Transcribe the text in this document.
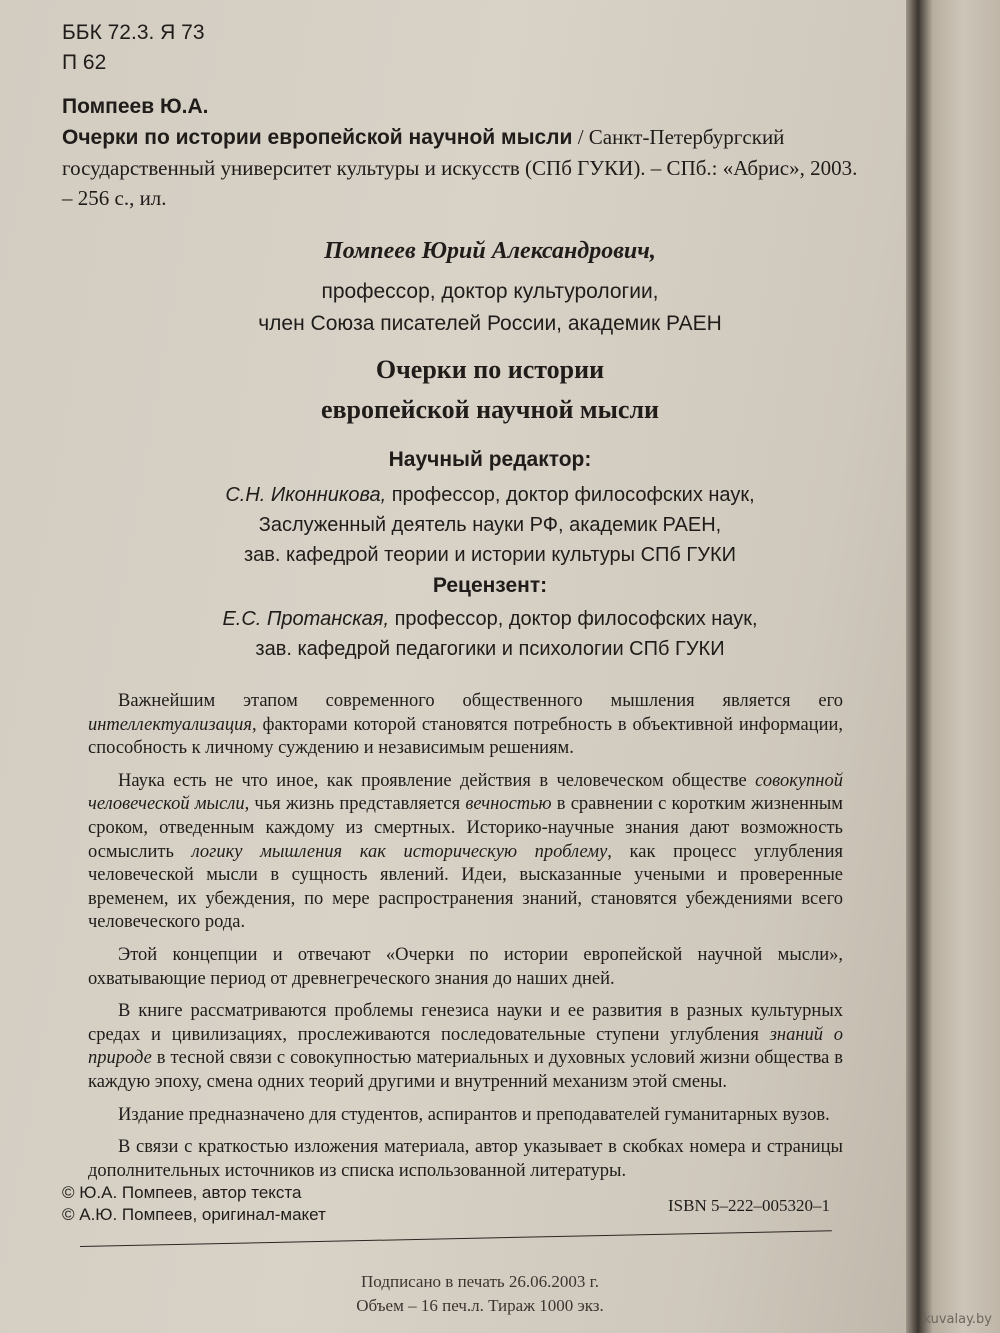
ББК 72.3. Я 73
П 62
Помпеев Ю.А.
Очерки по истории европейской научной мысли / Санкт-Петербургский государственный университет культуры и искусств (СПб ГУКИ). – СПб.: «Абрис», 2003. – 256 с., ил.
Помпеев Юрий Александрович,
профессор, доктор культурологии,
член Союза писателей России, академик РАЕН
Очерки по истории
европейской научной мысли
Научный редактор:
С.Н. Иконникова, профессор, доктор философских наук,
Заслуженный деятель науки РФ, академик РАЕН,
зав. кафедрой теории и истории культуры СПб ГУКИ
Рецензент:
Е.С. Протанская, профессор, доктор философских наук,
зав. кафедрой педагогики и психологии СПб ГУКИ

Важнейшим этапом современного общественного мышления является его интеллектуализация, факторами которой становятся потребность в объективной информации, способность к личному суждению и независимым решениям.

Наука есть не что иное, как проявление действия в человеческом обществе совокупной человеческой мысли, чья жизнь представляется вечностью в сравнении с коротким жизненным сроком, отведенным каждому из смертных. Историко-научные знания дают возможность осмыслить логику мышления как историческую проблему, как процесс углубления человеческой мысли в сущность явлений. Идеи, высказанные учеными и проверенные временем, их убеждения, по мере распространения знаний, становятся убеждениями всего человеческого рода.

Этой концепции и отвечают «Очерки по истории европейской научной мысли», охватывающие период от древнегреческого знания до наших дней.

В книге рассматриваются проблемы генезиса науки и ее развития в разных культурных средах и цивилизациях, прослеживаются последовательные ступени углубления знаний о природе в тесной связи с совокупностью материальных и духовных условий жизни общества в каждую эпоху, смена одних теорий другими и внутренний механизм этой смены.

Издание предназначено для студентов, аспирантов и преподавателей гуманитарных вузов.

В связи с краткостью изложения материала, автор указывает в скобках номера и страницы дополнительных источников из списка использованной литературы.

© Ю.А. Помпеев, автор текста
© А.Ю. Помпеев, оригинал-макет	ISBN 5–222–005320–1
Подписано в печать 26.06.2003 г.
Объем – 16 печ.л. Тираж 1000 экз.
kuvalay.by
